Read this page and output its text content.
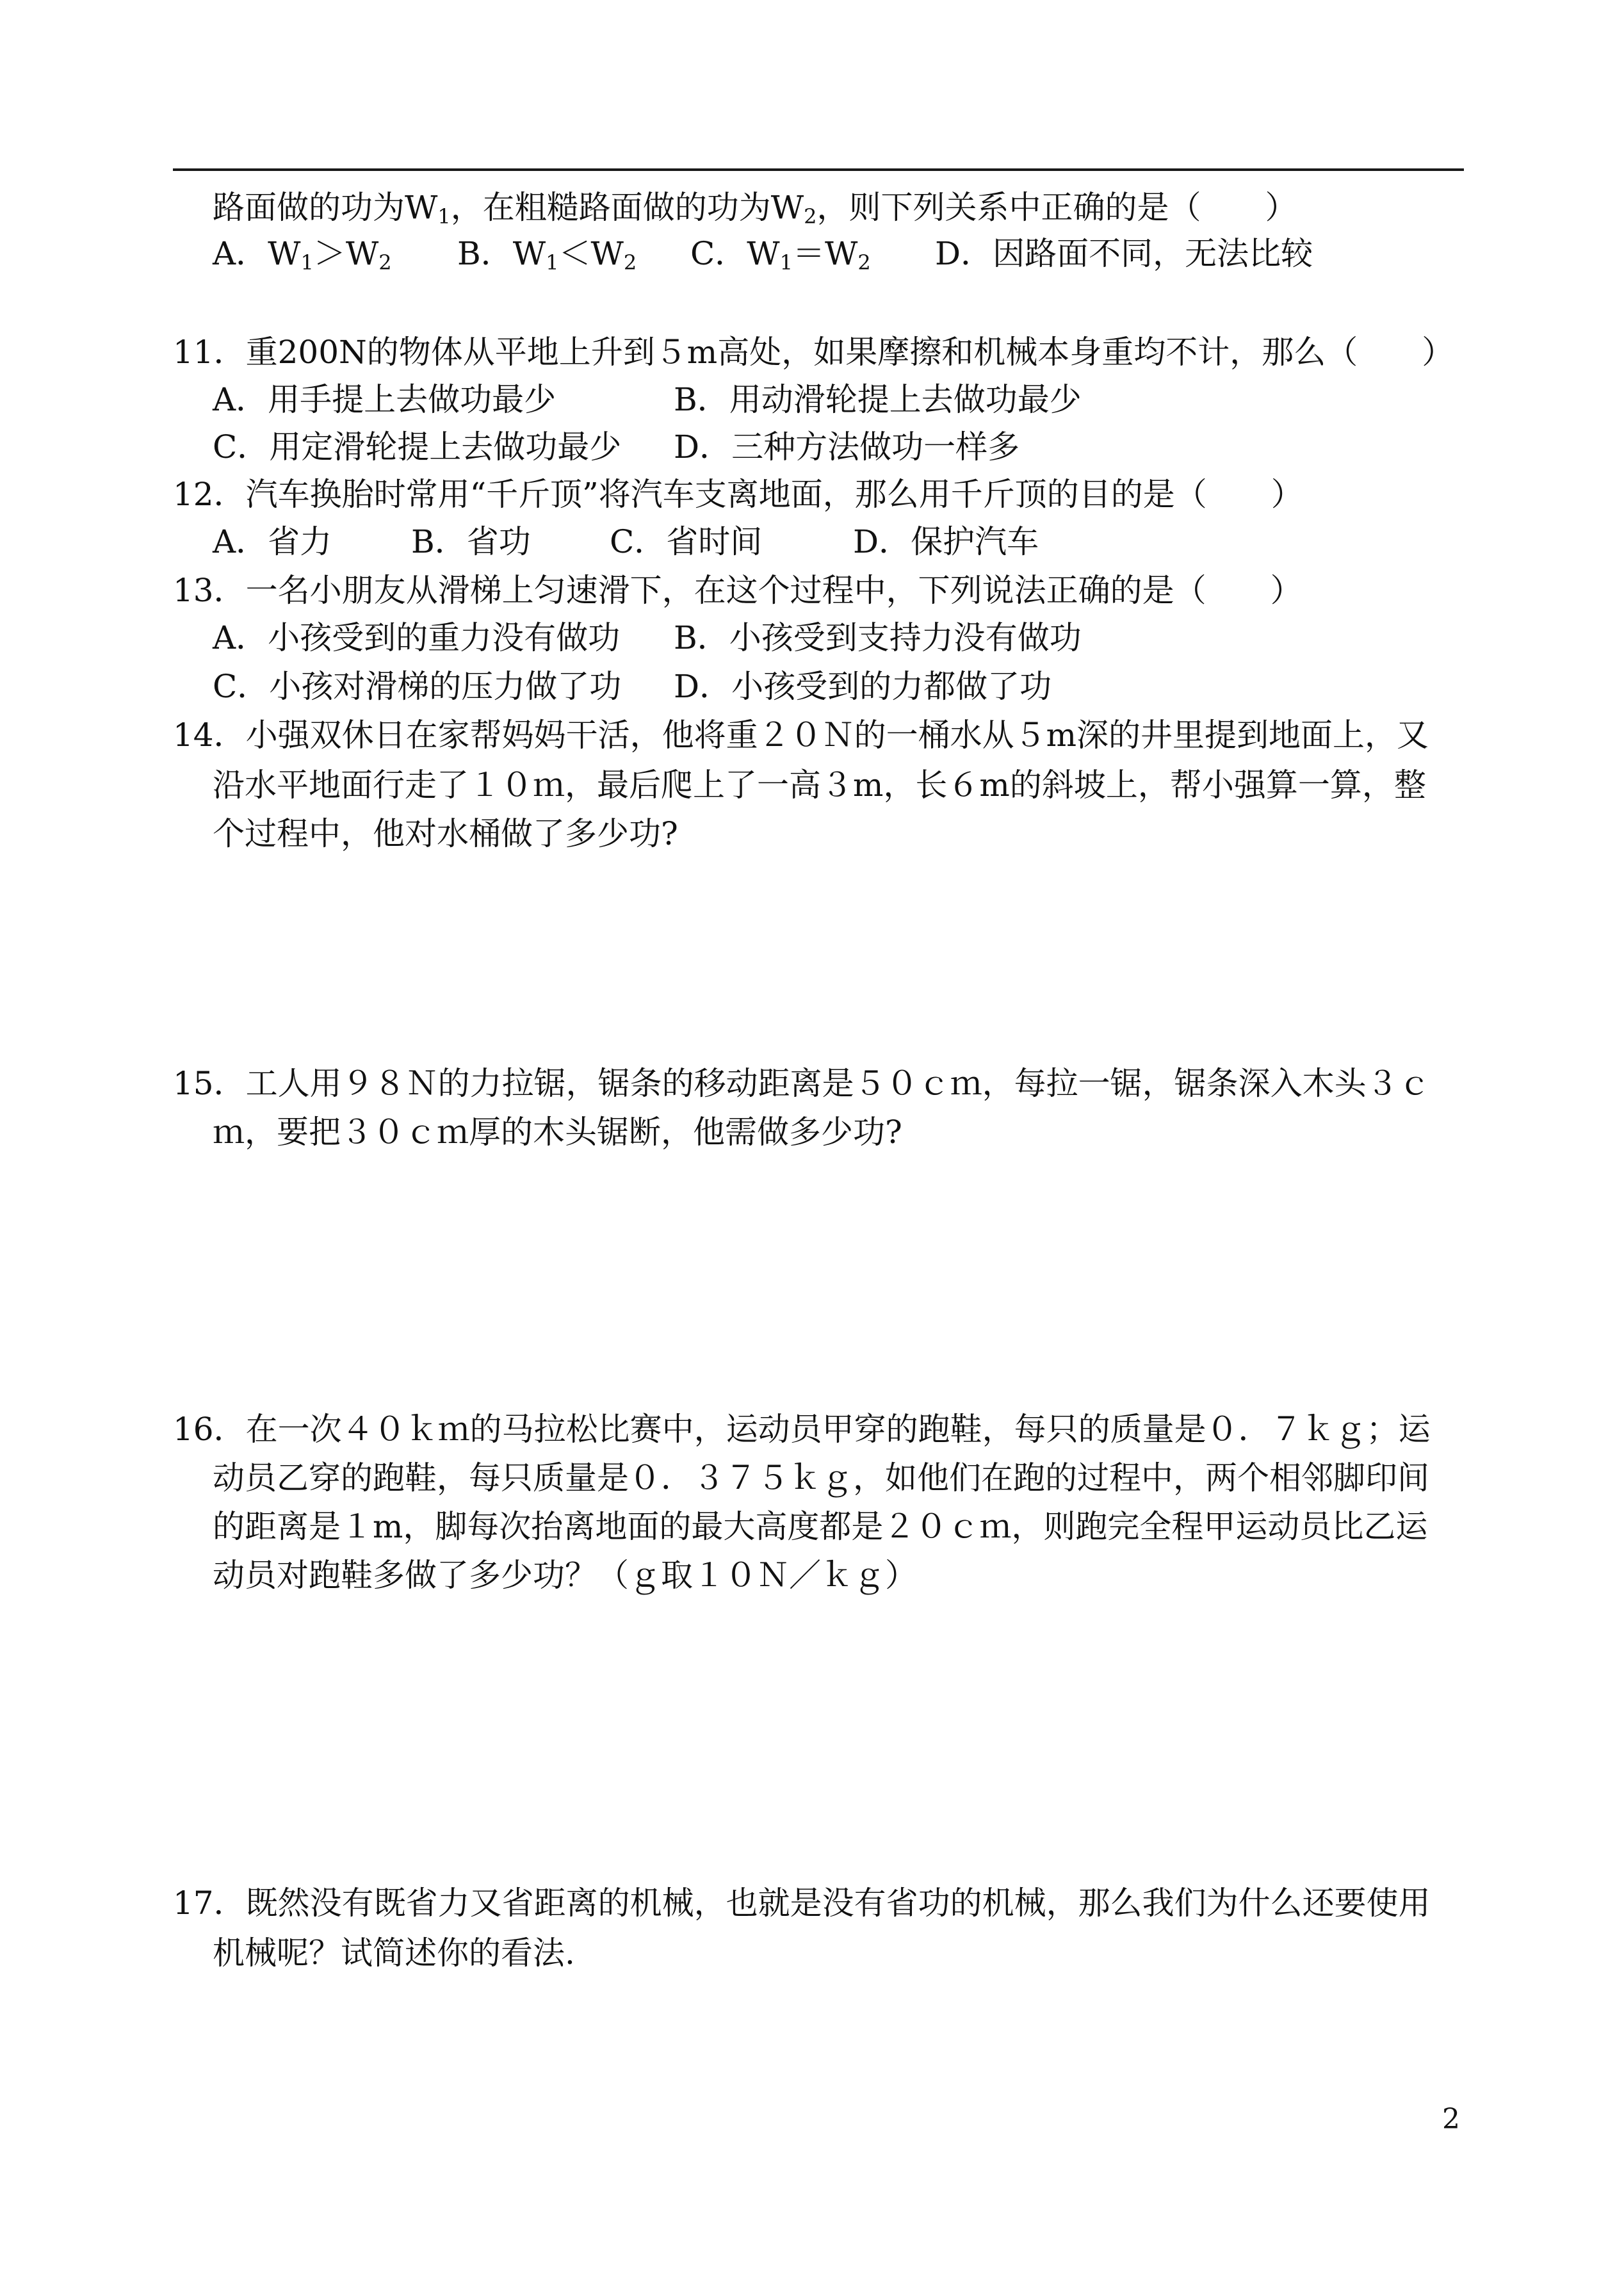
路面做的功为$W_1$，在粗糙路面做的功为$W_2$，则下列关系中正确的是（　　）
A．$W_1>W_2$ B．$W_1<W_2$ C．$W_1=W_2$ D．因路面不同，无法比较
11．重200N的物体从平地上升到５m高处，如果摩擦和机械本身重均不计，那么（　　）
A．用手提上去做功最少	B．用动滑轮提上去做功最少
C．用定滑轮提上去做功最少 D．三种方法做功一样多
12．汽车换胎时常用“千斤顶”将汽车支离地面，那么用千斤顶的目的是（　　）
A．省力 B．省功 C．省时间	D．保护汽车
13．一名小朋友从滑梯上匀速滑下，在这个过程中，下列说法正确的是（　　）
A．小孩受到的重力没有做功 B．小孩受到支持力没有做功
C．小孩对滑梯的压力做了功 D．小孩受到的力都做了功
14．小强双休日在家帮妈妈干活，他将重２０Ｎ的一桶水从５m深的井里提到地面上，又
沿水平地面行走了１０ｍ，最后爬上了一高３m，长６m的斜坡上，帮小强算一算，整
个过程中，他对水桶做了多少功?
15．工人用９８Ｎ的力拉锯，锯条的移动距离是５０ｃｍ，每拉一锯，锯条深入木头３ｃ
ｍ，要把３０ｃｍ厚的木头锯断，他需做多少功?
16．在一次４０ｋｍ的马拉松比赛中，运动员甲穿的跑鞋，每只的质量是０．７ｋｇ；运
动员乙穿的跑鞋，每只质量是０．３７５ｋｇ，如他们在跑的过程中，两个相邻脚印间
的距离是１m，脚每次抬离地面的最大高度都是２０ｃｍ，则跑完全程甲运动员比乙运
动员对跑鞋多做了多少功？（ｇ取１０Ｎ／ｋｇ）
17．既然没有既省力又省距离的机械，也就是没有省功的机械，那么我们为什么还要使用
机械呢？试简述你的看法.
2
